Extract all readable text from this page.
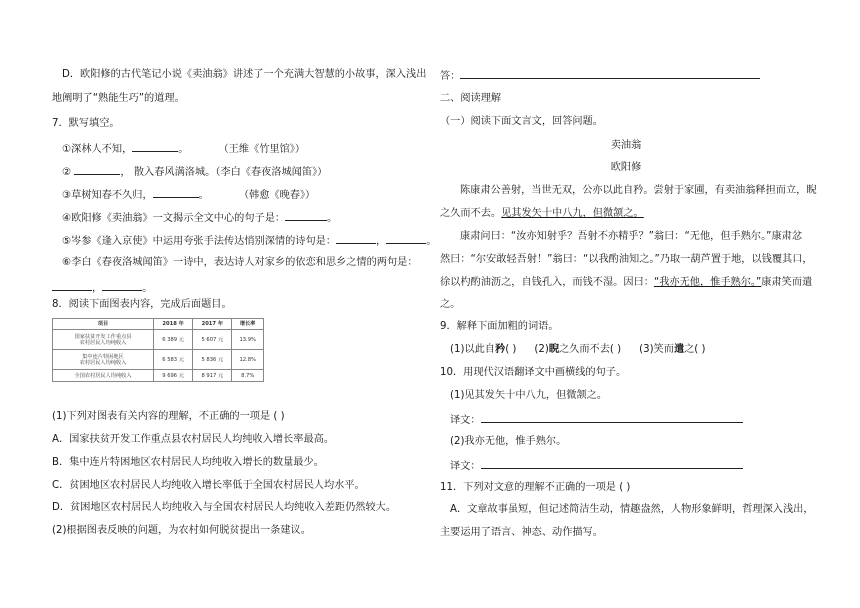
D．欧阳修的古代笔记小说《卖油翁》讲述了一个充满大智慧的小故事，深入浅出
地阐明了“熟能生巧”的道理。
7．默写填空。
①深林人不知，	。	（王维《竹里馆》）
②	， 散入春风满洛城。（李白《春夜洛城闻笛》）
③草树知春不久归，	。	（韩愈《晚春》）
④欧阳修《卖油翁》一文揭示全文中心的句子是：	。
⑤岑参《逢入京使》中运用夸张手法传达悄别深情的诗句是：	，	。
⑥李白《春夜洛城闻笛》一诗中，表达诗人对家乡的依恋和思乡之情的两句是：
，	。
8．阅读下面图表内容，完成后面题目。
(1)下列对图表有关内容的理解，不正确的一项是 ( )
A．国家扶贫开发工作重点县农村居民人均纯收入增长率最高。
B．集中连片特困地区农村居民人均纯收入增长的数量最少。
C．贫困地区农村居民人均纯收入增长率低于全国农村居民人均水平。
D．贫困地区农村居民人均纯收入与全国农村居民人均纯收入差距仍然较大。
(2)根据图表反映的问题，为农村如何脱贫提出一条建议。
项目	2018 年	2017 年	增长率
国家扶贫开发工作重点县
农村居民人均纯收入	6 389 元	5 607 元	13.9%
集中连片特困地区
农村居民人均纯收入	6 583 元	5 836 元	12.8%
全国农村居民人均纯收入	9 696 元	8 917 元	8.7%
答：
二、阅读理解
（一）阅读下面文言文，回答问题。
卖油翁
欧阳修
陈康肃公善射，当世无双，公亦以此自矜。尝射于家圃，有卖油翁释担而立，睨
之久而不去。见其发矢十中八九，但微颔之。
康肃问曰：“汝亦知射乎？吾射不亦精乎？”翁曰：“无他，但手熟尔。”康肃忿
然曰：“尔安敢轻吾射！”翁曰：“以我酌油知之。”乃取一葫芦置于地，以钱覆其口，
徐以杓酌油沥之，自钱孔入，而钱不湿。因曰：“我亦无他，惟手熟尔。”康肃笑而遣
之。
9．解释下面加粗的词语。
(1)以此自矜( ) (2)睨之久而不去( ) (3)笑而遣之( )
10．用现代汉语翻译文中画横线的句子。
(1)见其发矢十中八九，但微颔之。
译文：
(2)我亦无他，惟手熟尔。
译文：
11．下列对文意的理解不正确的一项是 ( )
A．文章故事虽短，但记述简洁生动，情趣盎然，人物形象鲜明，哲理深入浅出，
主要运用了语言、神态、动作描写。
